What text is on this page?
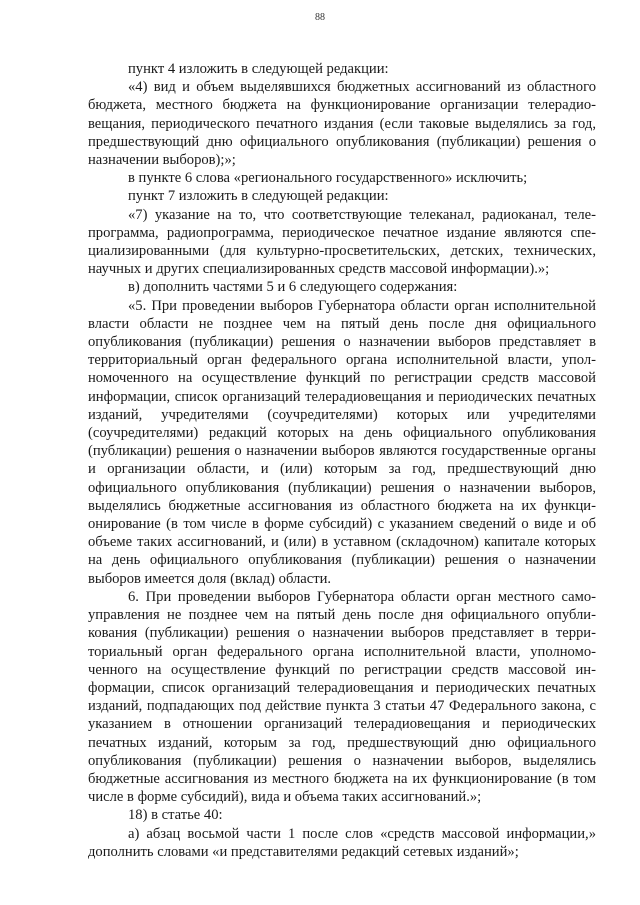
88

пункт 4 изложить в следующей редакции:

«4) вид и объем выделявшихся бюджетных ассигнований из областного бюджета, местного бюджета на функционирование организации телерадиовещания, периодического печатного издания (если таковые выделялись за год, предшествующий дню официального опубликования (публикации) решения о назначении выборов);»;

в пункте 6 слова «регионального государственного» исключить;

пункт 7 изложить в следующей редакции:

«7) указание на то, что соответствующие телеканал, радиоканал, телепрограмма, радиопрограмма, периодическое печатное издание являются специализированными (для культурно-просветительских, детских, технических, научных и других специализированных средств массовой информации).»;

в) дополнить частями 5 и 6 следующего содержания:

«5. При проведении выборов Губернатора области орган исполнительной власти области не позднее чем на пятый день после дня официального опубликования (публикации) решения о назначении выборов представляет в территориальный орган федерального органа исполнительной власти, уполномоченного на осуществление функций по регистрации средств массовой информации, список организаций телерадиовещания и периодических печатных изданий, учредителями (соучредителями) которых или учредителями (соучредителями) редакций которых на день официального опубликования (публикации) решения о назначении выборов являются государственные органы и организации области, и (или) которым за год, предшествующий дню официального опубликования (публикации) решения о назначении выборов, выделялись бюджетные ассигнования из областного бюджета на их функционирование (в том числе в форме субсидий) с указанием сведений о виде и об объеме таких ассигнований, и (или) в уставном (складочном) капитале которых на день официального опубликования (публикации) решения о назначении выборов имеется доля (вклад) области.

6. При проведении выборов Губернатора области орган местного самоуправления не позднее чем на пятый день после дня официального опубликования (публикации) решения о назначении выборов представляет в территориальный орган федерального органа исполнительной власти, уполномоченного на осуществление функций по регистрации средств массовой информации, список организаций телерадиовещания и периодических печатных изданий, подпадающих под действие пункта 3 статьи 47 Федерального закона, с указанием в отношении организаций телерадиовещания и периодических печатных изданий, которым за год, предшествующий дню официального опубликования (публикации) решения о назначении выборов, выделялись бюджетные ассигнования из местного бюджета на их функционирование (в том числе в форме субсидий), вида и объема таких ассигнований.»;

18) в статье 40:

а) абзац восьмой части 1 после слов «средств массовой информации,» дополнить словами «и представителями редакций сетевых изданий»;
